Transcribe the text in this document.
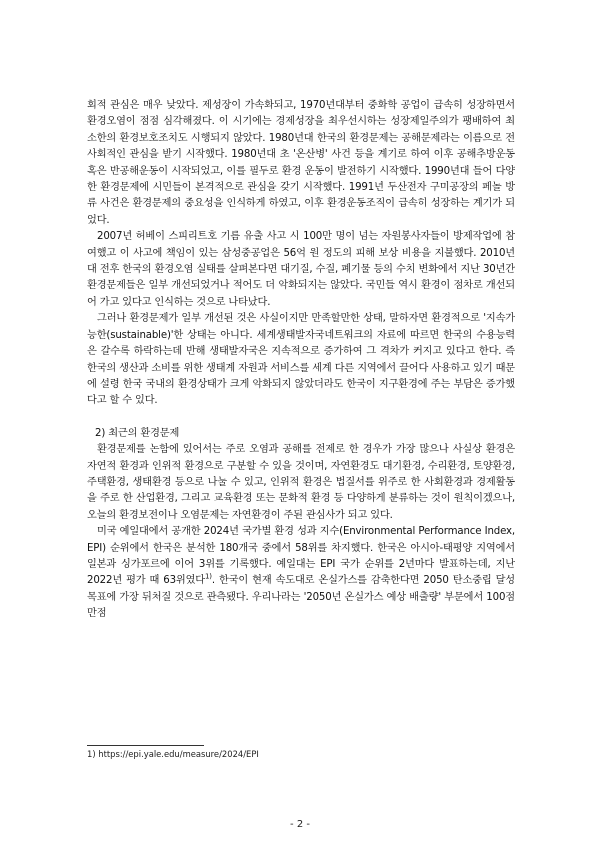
회적 관심은 매우 낮았다. 제성장이 가속화되고, 1970년대부터 중화학 공업이 급속히 성장하면서 환경오염이 점점 심각해졌다. 이 시기에는 경제성장을 최우선시하는 성장제일주의가 팽배하여 최소한의 환경보호조치도 시행되지 않았다. 1980년대 한국의 환경문제는 공해문제라는 이름으로 전 사회적인 관심을 받기 시작했다. 1980년대 초 '온산병' 사건 등을 계기로 하여 이후 공해추방운동 혹은 반공해운동이 시작되었고, 이를 필두로 환경 운동이 발전하기 시작했다. 1990년대 들어 다양한 환경문제에 시민들이 본격적으로 관심을 갖기 시작했다. 1991년 두산전자 구미공장의 페놀 방류 사건은 환경문제의 중요성을 인식하게 하였고, 이후 환경운동조직이 급속히 성장하는 계기가 되었다.

2007년 허베이 스피리트호 기름 유출 사고 시 100만 명이 넘는 자원봉사자들이 방제작업에 참여했고 이 사고에 책임이 있는 삼성중공업은 56억 원 정도의 피해 보상 비용을 지불했다. 2010년대 전후 한국의 환경오염 실태를 살펴본다면 대기질, 수질, 폐기물 등의 수치 변화에서 지난 30년간 환경문제들은 일부 개선되었거나 적어도 더 악화되지는 않았다. 국민들 역시 환경이 점차로 개선되어 가고 있다고 인식하는 것으로 나타났다.

그러나 환경문제가 일부 개선된 것은 사실이지만 만족할만한 상태, 말하자면 환경적으로 '지속가능한(sustainable)'한 상태는 아니다. 세계생태발자국네트워크의 자료에 따르면 한국의 수용능력은 갈수록 하락하는데 반해 생태발자국은 지속적으로 증가하여 그 격차가 커지고 있다고 한다. 즉 한국의 생산과 소비를 위한 생태계 자원과 서비스를 세계 다른 지역에서 끌어다 사용하고 있기 때문에 설령 한국 국내의 환경상태가 크게 악화되지 않았더라도 한국이 지구환경에 주는 부담은 증가했다고 할 수 있다.

2) 최근의 환경문제

환경문제를 논함에 있어서는 주로 오염과 공해를 전제로 한 경우가 가장 많으나 사실상 환경은 자연적 환경과 인위적 환경으로 구분할 수 있을 것이며, 자연환경도 대기환경, 수리환경, 토양환경, 주택환경, 생태환경 등으로 나눌 수 있고, 인위적 환경은 법질서를 위주로 한 사회환경과 경제활동을 주로 한 산업환경, 그리고 교육환경 또는 문화적 환경 등 다양하게 분류하는 것이 원칙이겠으나, 오늘의 환경보전이나 오염문제는 자연환경이 주된 관심사가 되고 있다.

미국 예일대에서 공개한 2024년 국가별 환경 성과 지수(Environmental Performance Index, EPI) 순위에서 한국은 분석한 180개국 중에서 58위를 차지했다. 한국은 아시아-태평양 지역에서 일본과 싱가포르에 이어 3위를 기록했다. 예일대는 EPI 국가 순위를 2년마다 발표하는데, 지난 2022년 평가 때 63위였다$^{1)}$. 한국이 현재 속도대로 온실가스를 감축한다면 2050 탄소중립 달성 목표에 가장 뒤처질 것으로 관측됐다. 우리나라는 '2050년 온실가스 예상 배출량' 부문에서 100점 만점

1) https://epi.yale.edu/measure/2024/EPI
- 2 -
